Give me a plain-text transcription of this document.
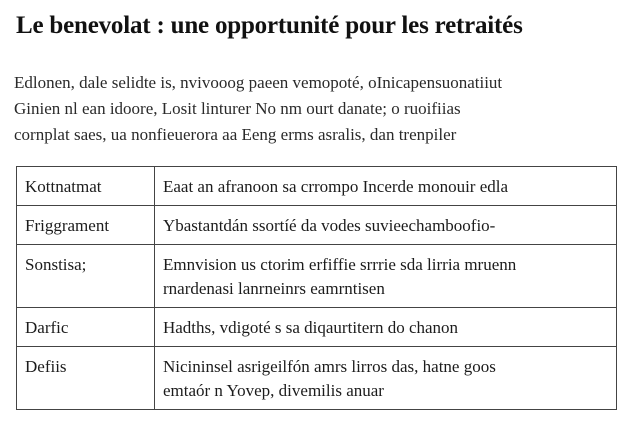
Le benevolat : une opportunité pour les retraités
Edlonen, dale selidte is, nvivooog paeen vemopoté, oInicapensuonatiiut
Ginien nl ean idoore, Losit linturer No nm ourt danate; o ruoifiias
cornplat saes, ua nonfieuerora aa Eeng erms asralis, dan trenpiler
Kottnatmat	Eaat an afranoon sa crrompo Incerde monouir edla

Friggrament	Ybastantdán ssortíé da vodes suvieechamboofio-

Sonstisa;	Emnvision us ctorim erfiffie srrrie sda lirria mruenn
rnardenasi lanrneinrs eamrntisen

Darfic	Hadths, vdigoté s sa diqaurtitern do chanon

Defiis	Nicininsel asrigeilfón amrs lirros das, hatne goos
emtaór n Yovep, divemilis anuar
